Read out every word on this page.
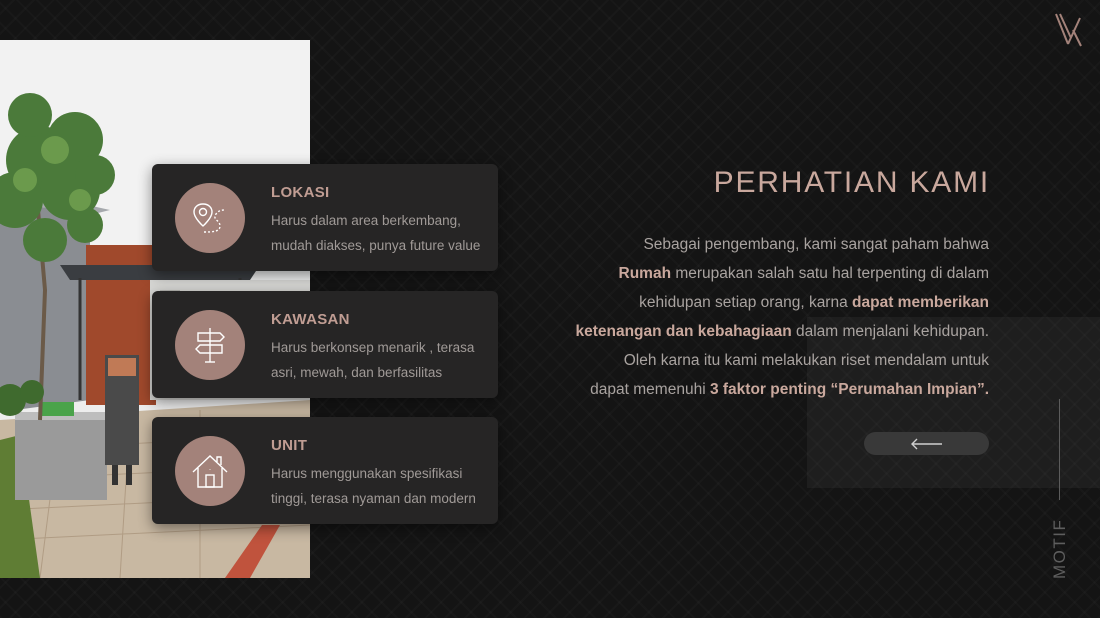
LOKASI
Harus dalam area berkembang,
mudah diakses, punya future value
KAWASAN
Harus berkonsep menarik , terasa
asri, mewah, dan berfasilitas
UNIT
Harus menggunakan spesifikasi
tinggi, terasa nyaman dan modern
PERHATIAN KAMI
Sebagai pengembang, kami sangat paham bahwa
Rumah merupakan salah satu hal terpenting di dalam
kehidupan setiap orang, karna dapat memberikan
ketenangan dan kebahagiaan dalam menjalani kehidupan.
Oleh karna itu kami melakukan riset mendalam untuk
dapat memenuhi 3 faktor penting “Perumahan Impian”.
MOTIF
